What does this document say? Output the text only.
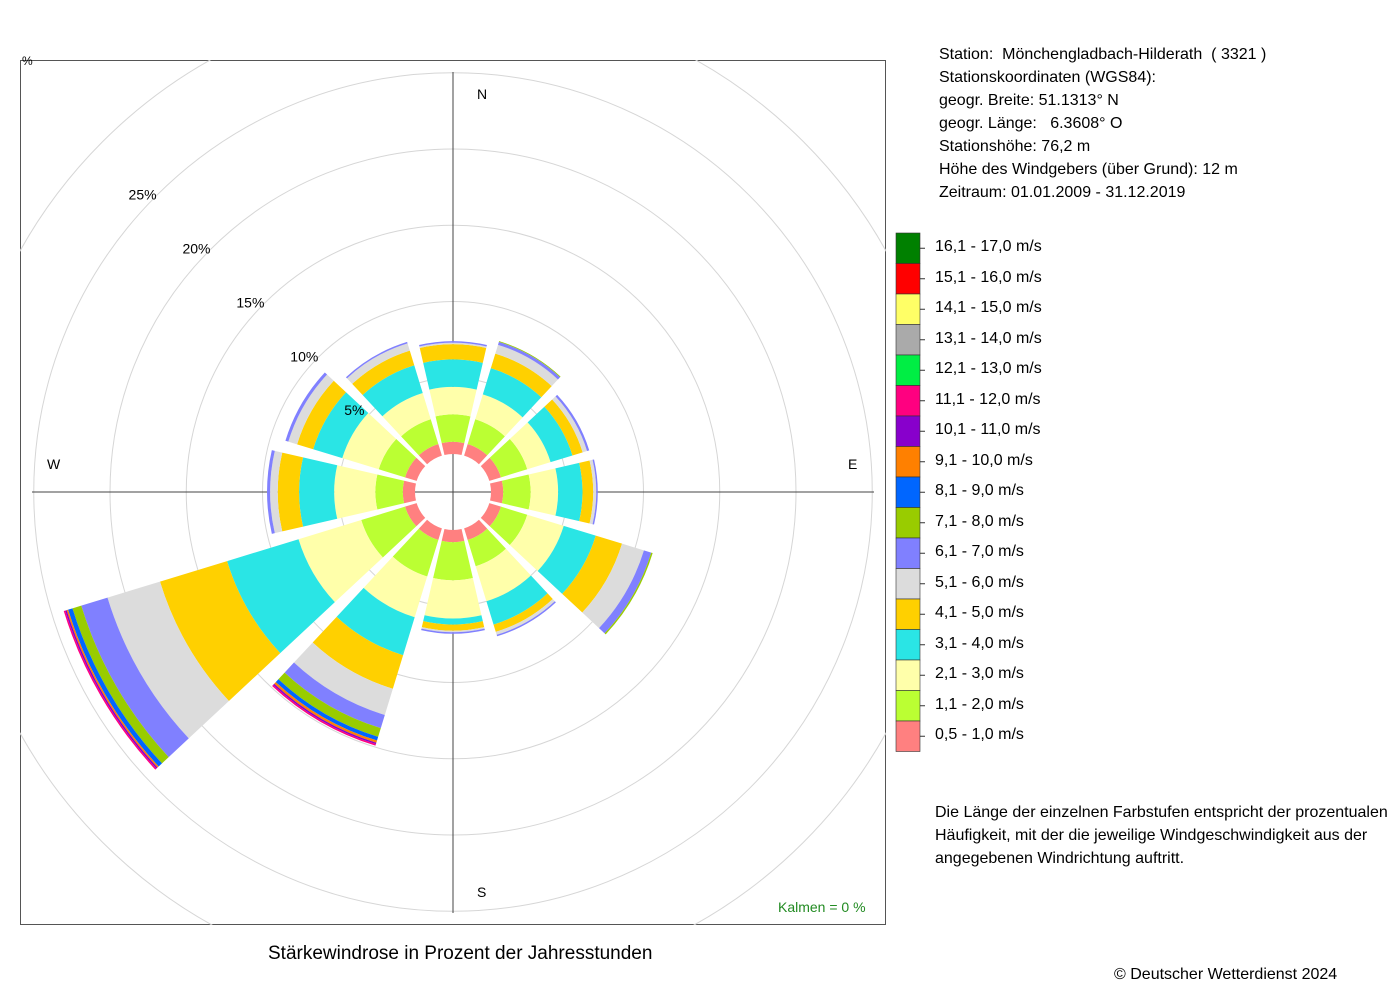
N
E
S
W
5%
10%
15%
20%
25%
%	Station:  Mönchengladbach-Hilderath  ( 3321 )
Stationskoordinaten (WGS84):
geogr. Breite: 51.1313° N
geogr. Länge:   6.3608° O
Stationshöhe: 76,2 m
Höhe des Windgebers (über Grund): 12 m
Zeitraum: 01.01.2009 - 31.12.2019
16,1 - 17,0 m/s
15,1 - 16,0 m/s
14,1 - 15,0 m/s
13,1 - 14,0 m/s
12,1 - 13,0 m/s
11,1 - 12,0 m/s
10,1 - 11,0 m/s
9,1 - 10,0 m/s
8,1 - 9,0 m/s
7,1 - 8,0 m/s
6,1 - 7,0 m/s
5,1 - 6,0 m/s
4,1 - 5,0 m/s
3,1 - 4,0 m/s
2,1 - 3,0 m/s
1,1 - 2,0 m/s
0,5 - 1,0 m/s
Die Länge der einzelnen Farbstufen entspricht der prozentualen
Häufigkeit, mit der die jeweilige Windgeschwindigkeit aus der
angegebenen Windrichtung auftritt.
Kalmen = 0 %
Stärkewindrose in Prozent der Jahresstunden
© Deutscher Wetterdienst 2024
